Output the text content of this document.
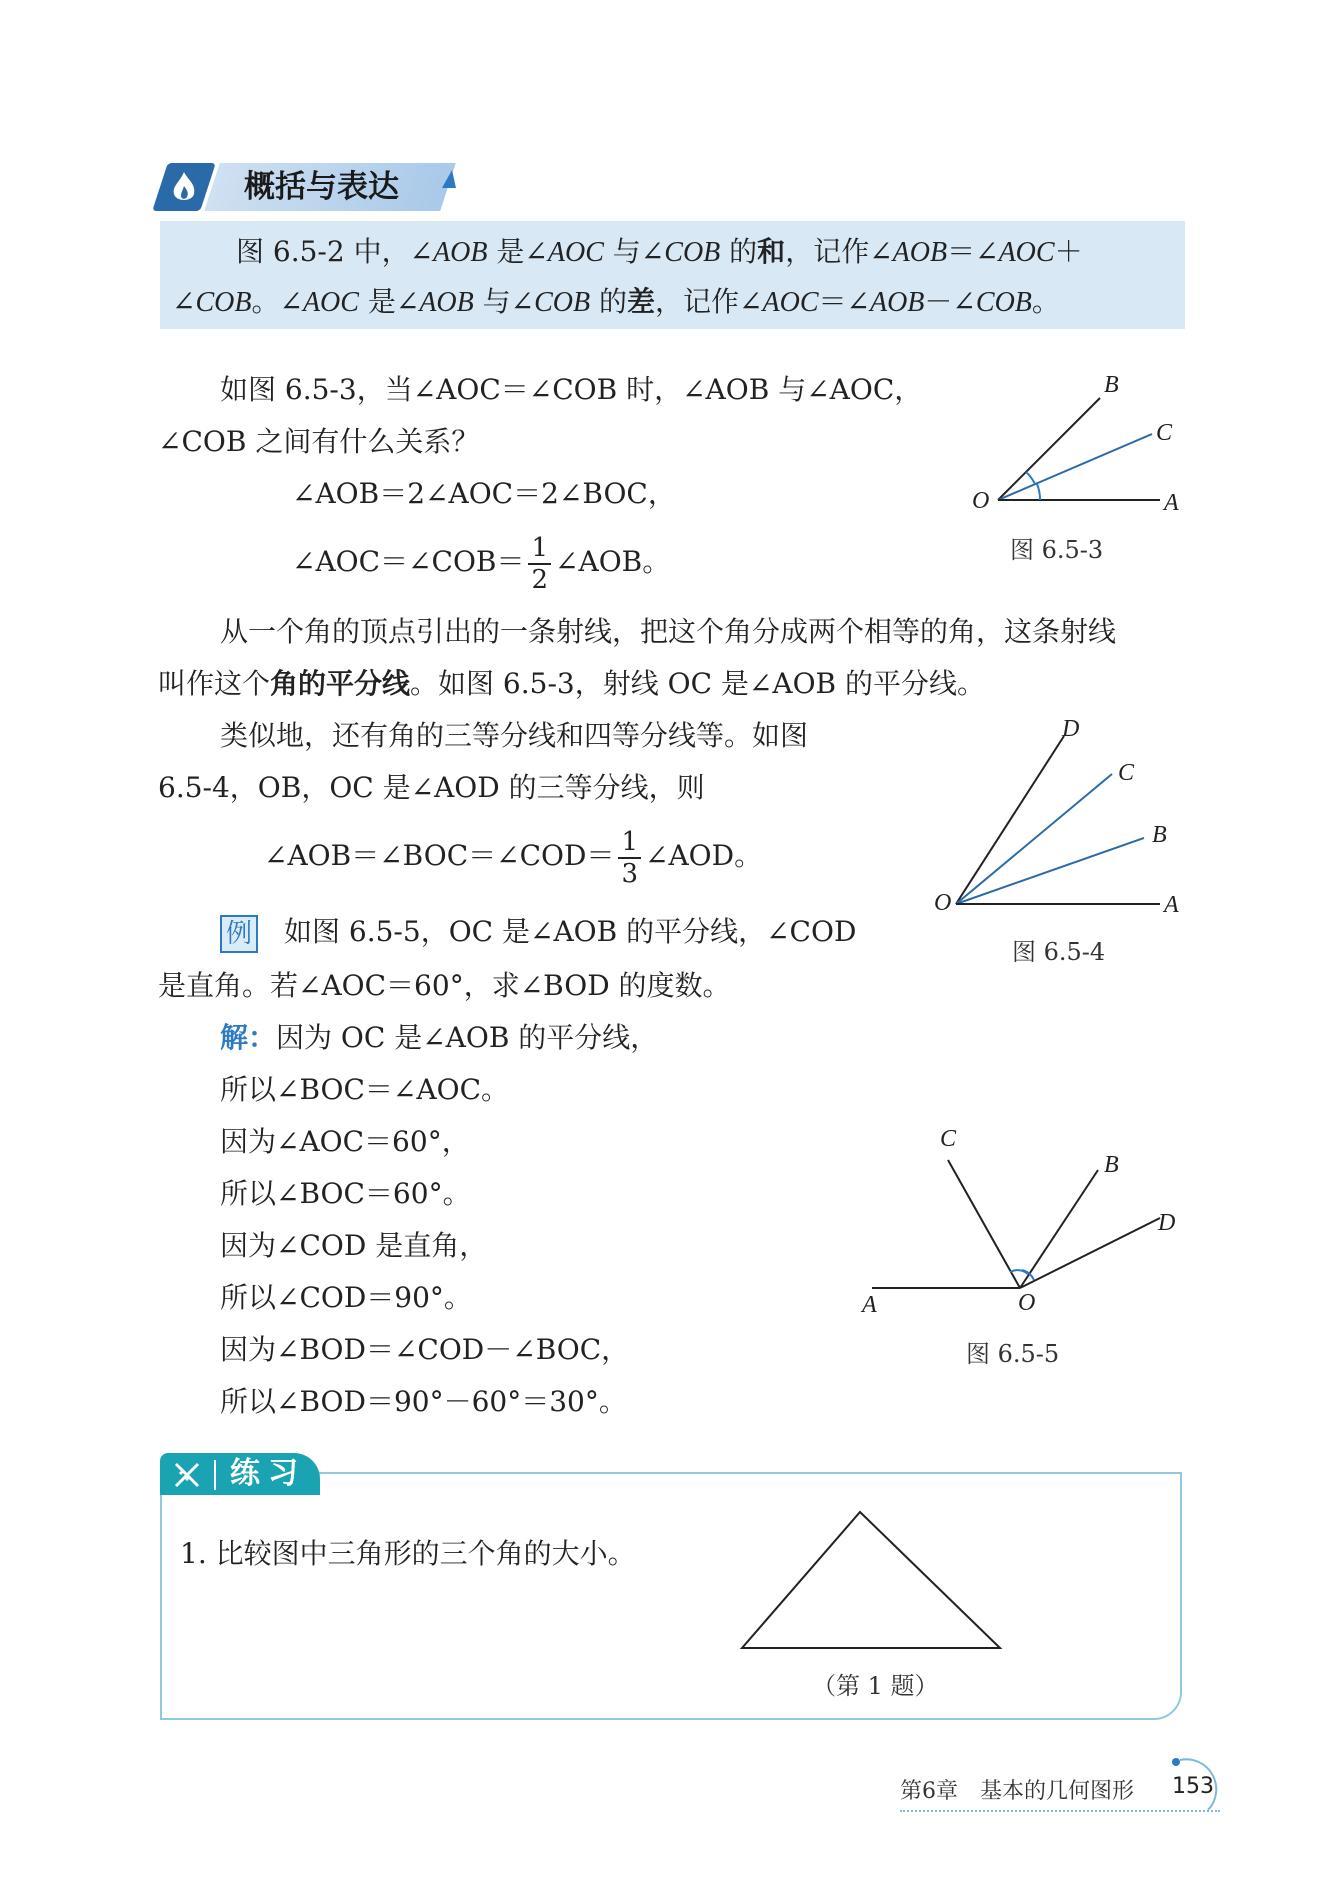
概括与表达
图 6.5-2 中，∠AOB 是∠AOC 与∠COB 的和，记作∠AOB＝∠AOC＋
∠COB。∠AOC 是∠AOB 与∠COB 的差，记作∠AOC＝∠AOB－∠COB。
如图 6.5-3，当∠AOC＝∠COB 时，∠AOB 与∠AOC，
∠COB 之间有什么关系？
∠AOB＝2∠AOC＝2∠BOC，
∠AOC＝∠COB＝ $\frac{1}{2}$ ∠AOB。
B
C
O	A
图 6.5-3
从一个角的顶点引出的一条射线，把这个角分成两个相等的角，这条射线
叫作这个角的平分线。如图 6.5-3，射线 OC 是∠AOB 的平分线。
类似地，还有角的三等分线和四等分线等。如图
6.5-4，OB，OC 是∠AOD 的三等分线，则
∠AOB＝∠BOC＝∠COD＝ $\frac{1}{3}$ ∠AOD。
D
C
B
O	A
图 6.5-4
例 如图 6.5-5，OC 是∠AOB 的平分线，∠COD
是直角。若∠AOC＝60°，求∠BOD 的度数。
解：因为 OC 是∠AOB 的平分线，
所以∠BOC＝∠AOC。
因为∠AOC＝60°，
所以∠BOC＝60°。
因为∠COD 是直角，
所以∠COD＝90°。
因为∠BOD＝∠COD－∠BOC，
所以∠BOD＝90°－60°＝30°。
C
B
D
A	O
图 6.5-5
练习
1. 比较图中三角形的三个角的大小。
（第 1 题）
第6章　基本的几何图形 153
